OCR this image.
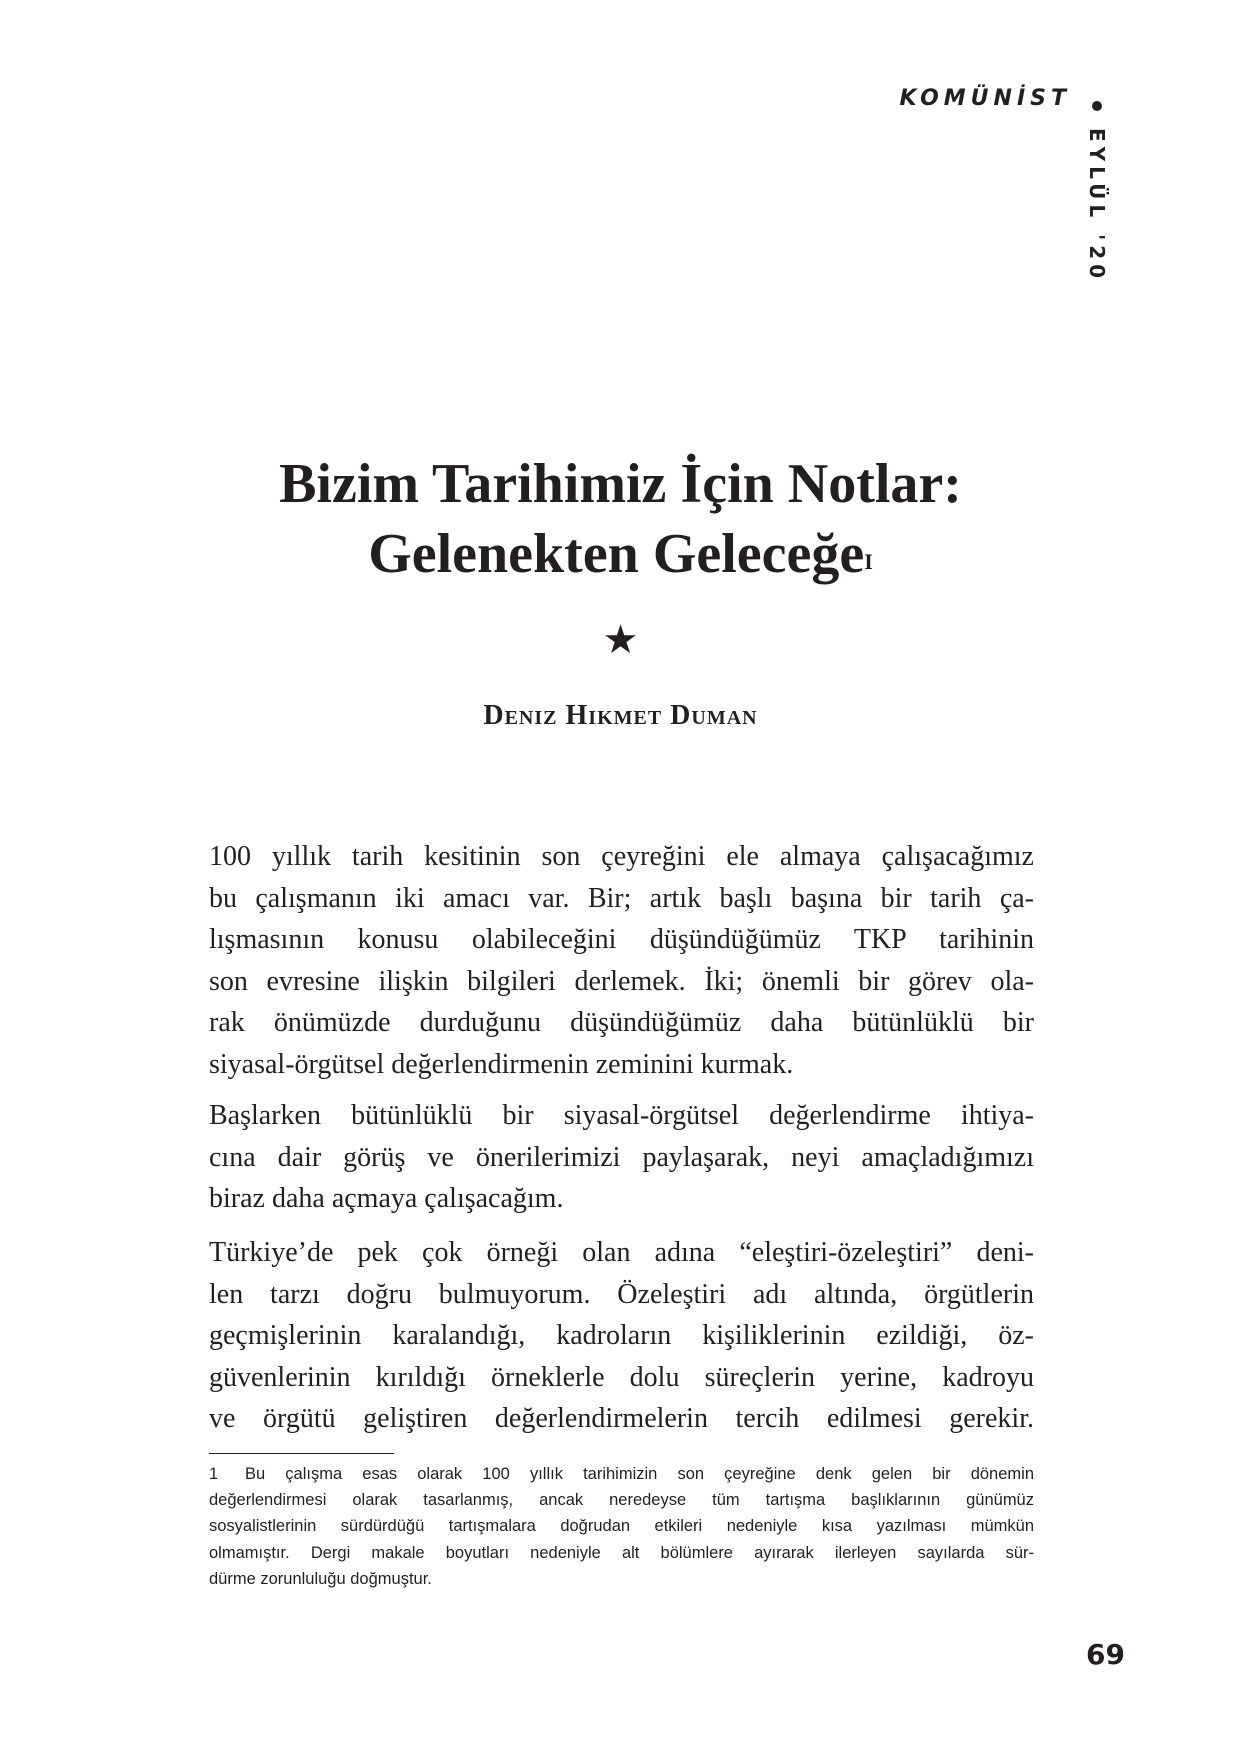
KOMÜNİST
EYLÜL '20
Bizim Tarihimiz İçin Notlar:
Gelenekten Geleceğe$^I$
★
Deniz Hikmet Duman
100 yıllık tarih kesitinin son çeyreğini ele almaya çalışacağımız
bu çalışmanın iki amacı var. Bir; artık başlı başına bir tarih ça-
lışmasının konusu olabileceğini düşündüğümüz TKP tarihinin
son evresine ilişkin bilgileri derlemek. İki; önemli bir görev ola-
rak önümüzde durduğunu düşündüğümüz daha bütünlüklü bir
siyasal-örgütsel değerlendirmenin zeminini kurmak.
Başlarken bütünlüklü bir siyasal-örgütsel değerlendirme ihtiya-
cına dair görüş ve önerilerimizi paylaşarak, neyi amaçladığımızı
biraz daha açmaya çalışacağım.
Türkiye’de pek çok örneği olan adına “eleştiri-özeleştiri” deni-
len tarzı doğru bulmuyorum. Özeleştiri adı altında, örgütlerin
geçmişlerinin karalandığı, kadroların kişiliklerinin ezildiği, öz-
güvenlerinin kırıldığı örneklerle dolu süreçlerin yerine, kadroyu
ve örgütü geliştiren değerlendirmelerin tercih edilmesi gerekir.
1 Bu çalışma esas olarak 100 yıllık tarihimizin son çeyreğine denk gelen bir dönemin
değerlendirmesi olarak tasarlanmış, ancak neredeyse tüm tartışma başlıklarının günümüz
sosyalistlerinin sürdürdüğü tartışmalara doğrudan etkileri nedeniyle kısa yazılması mümkün
olmamıştır. Dergi makale boyutları nedeniyle alt bölümlere ayırarak ilerleyen sayılarda sür-
dürme zorunluluğu doğmuştur.
69
